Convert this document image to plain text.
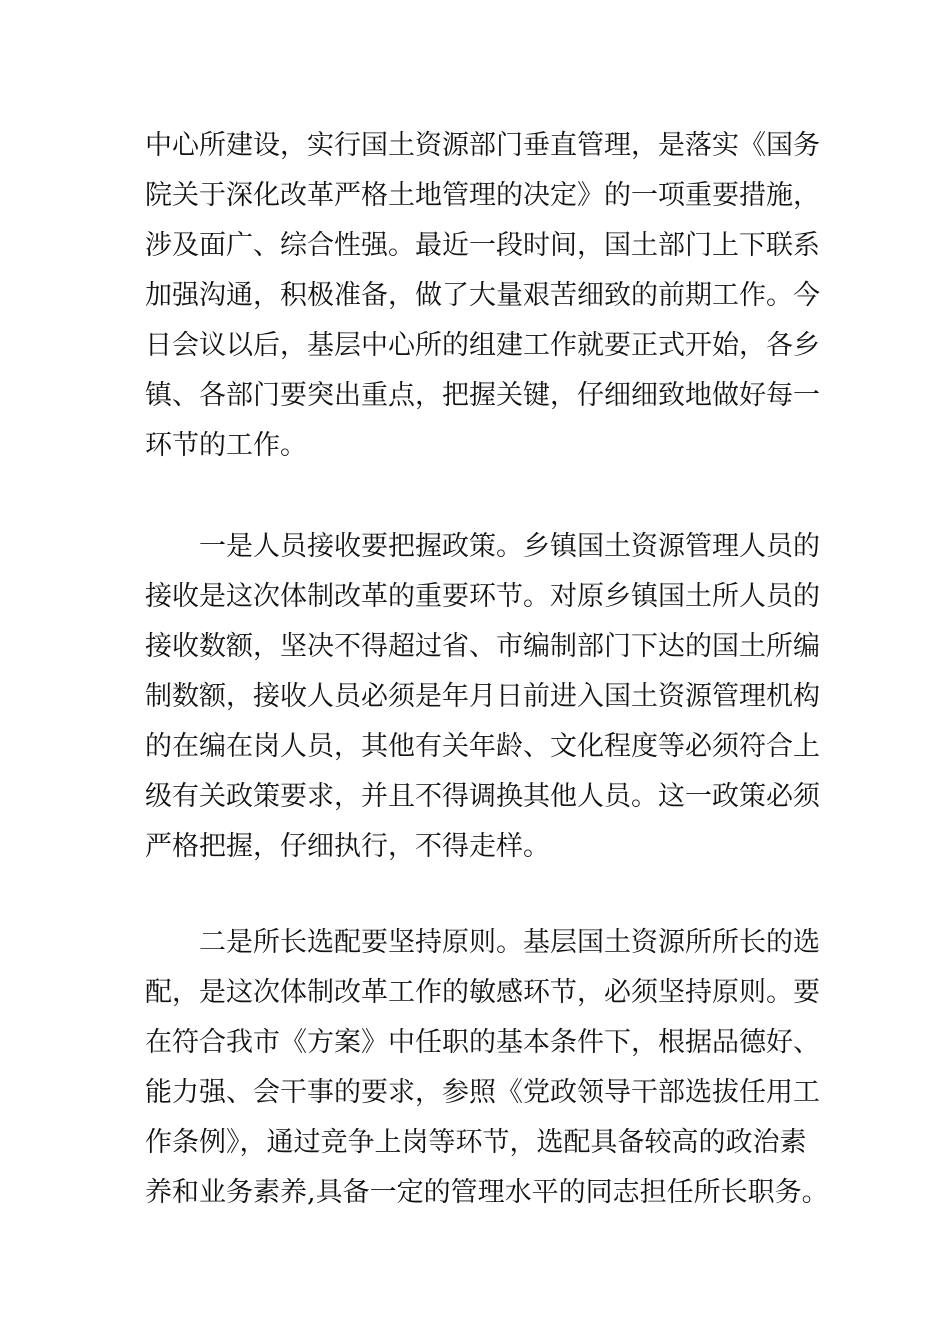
中心所建设，实行国土资源部门垂直管理，是落实《国务
院关于深化改革严格土地管理的决定》的一项重要措施，
涉及面广、综合性强。最近一段时间，国土部门上下联系
加强沟通，积极准备，做了大量艰苦细致的前期工作。今
日会议以后，基层中心所的组建工作就要正式开始，各乡
镇、各部门要突出重点，把握关键，仔细细致地做好每一
环节的工作。
一是人员接收要把握政策。乡镇国土资源管理人员的
接收是这次体制改革的重要环节。对原乡镇国土所人员的
接收数额，坚决不得超过省、市编制部门下达的国土所编
制数额，接收人员必须是年月日前进入国土资源管理机构
的在编在岗人员，其他有关年龄、文化程度等必须符合上
级有关政策要求，并且不得调换其他人员。这一政策必须
严格把握，仔细执行，不得走样。
二是所长选配要坚持原则。基层国土资源所所长的选
配，是这次体制改革工作的敏感环节，必须坚持原则。要
在符合我市《方案》中任职的基本条件下，根据品德好、
能力强、会干事的要求，参照《党政领导干部选拔任用工
作条例》，通过竞争上岗等环节，选配具备较高的政治素
养和业务素养,具备一定的管理水平的同志担任所长职务。
